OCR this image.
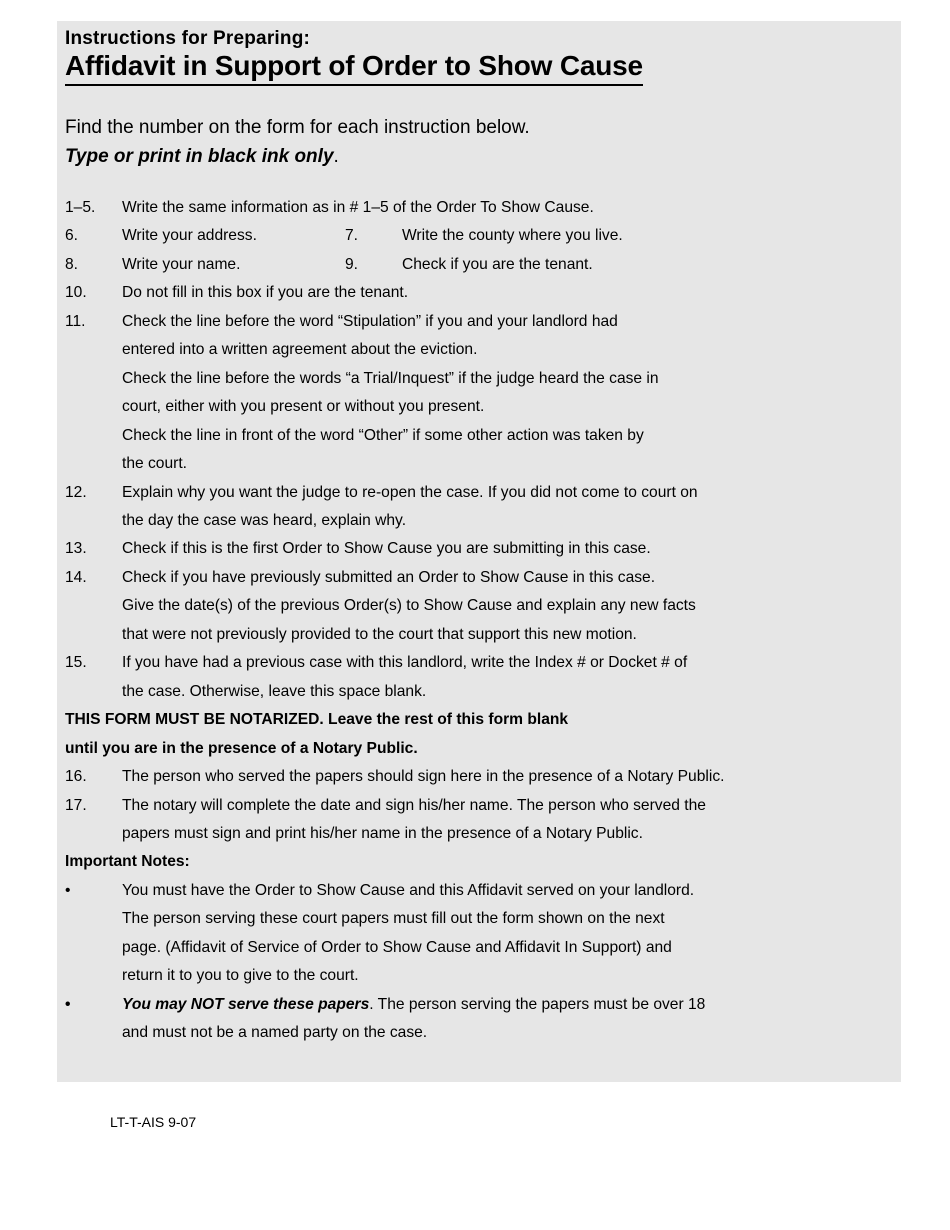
Instructions for Preparing:
Affidavit in Support of Order to Show Cause
Find the number on the form for each instruction below.
Type or print in black ink only.
1–5.	Write the same information as in # 1–5 of the Order To Show Cause.
6.	Write your address.	7.	Write the county where you live.
8.	Write your name.	9.	Check if you are the tenant.
10.	Do not fill in this box if you are the tenant.
11.	Check the line before the word “Stipulation” if you and your landlord had
entered into a written agreement about the eviction.
Check the line before the words “a Trial/Inquest” if the judge heard the case in
court, either with you present or without you present.
Check the line in front of the word “Other” if some other action was taken by
the court.
12.	Explain why you want the judge to re-open the case. If you did not come to court on
the day the case was heard, explain why.
13.	Check if this is the first Order to Show Cause you are submitting in this case.
14.	Check if you have previously submitted an Order to Show Cause in this case.
Give the date(s) of the previous Order(s) to Show Cause and explain any new facts
that were not previously provided to the court that support this new motion.
15.	If you have had a previous case with this landlord, write the Index # or Docket # of
the case. Otherwise, leave this space blank.
THIS FORM MUST BE NOTARIZED. Leave the rest of this form blank
until you are in the presence of a Notary Public.
16.	The person who served the papers should sign here in the presence of a Notary Public.
17.	The notary will complete the date and sign his/her name. The person who served the
papers must sign and print his/her name in the presence of a Notary Public.
Important Notes:
•	You must have the Order to Show Cause and this Affidavit served on your landlord.
The person serving these court papers must fill out the form shown on the next
page. (Affidavit of Service of Order to Show Cause and Affidavit In Support) and
return it to you to give to the court.
•	You may NOT serve these papers. The person serving the papers must be over 18
and must not be a named party on the case.
LT-T-AIS 9-07
